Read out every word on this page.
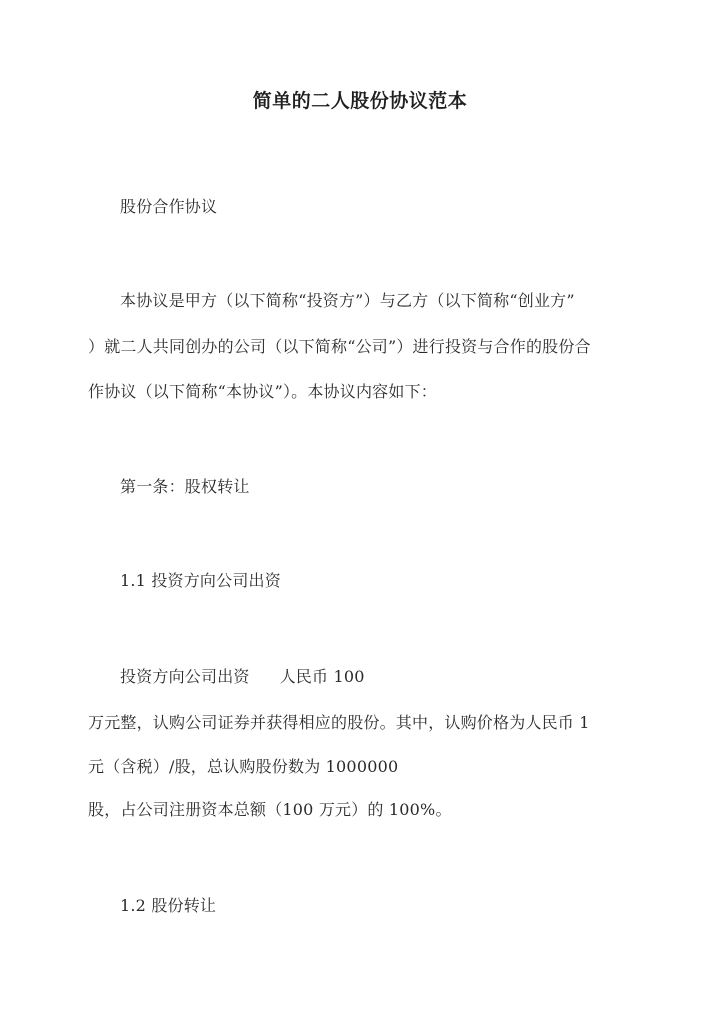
简单的二人股份协议范本
股份合作协议
本协议是甲方（以下简称“投资方”）与乙方（以下简称“创业方”
）就二人共同创办的公司（以下简称“公司”）进行投资与合作的股份合
作协议（以下简称“本协议”）。本协议内容如下：
第一条：股权转让
1.1 投资方向公司出资
投资方向公司出资 人民币 100
万元整，认购公司证券并获得相应的股份。其中，认购价格为人民币 1
元（含税）/股，总认购股份数为 1000000
股，占公司注册资本总额（100 万元）的 100%。
1.2 股份转让
